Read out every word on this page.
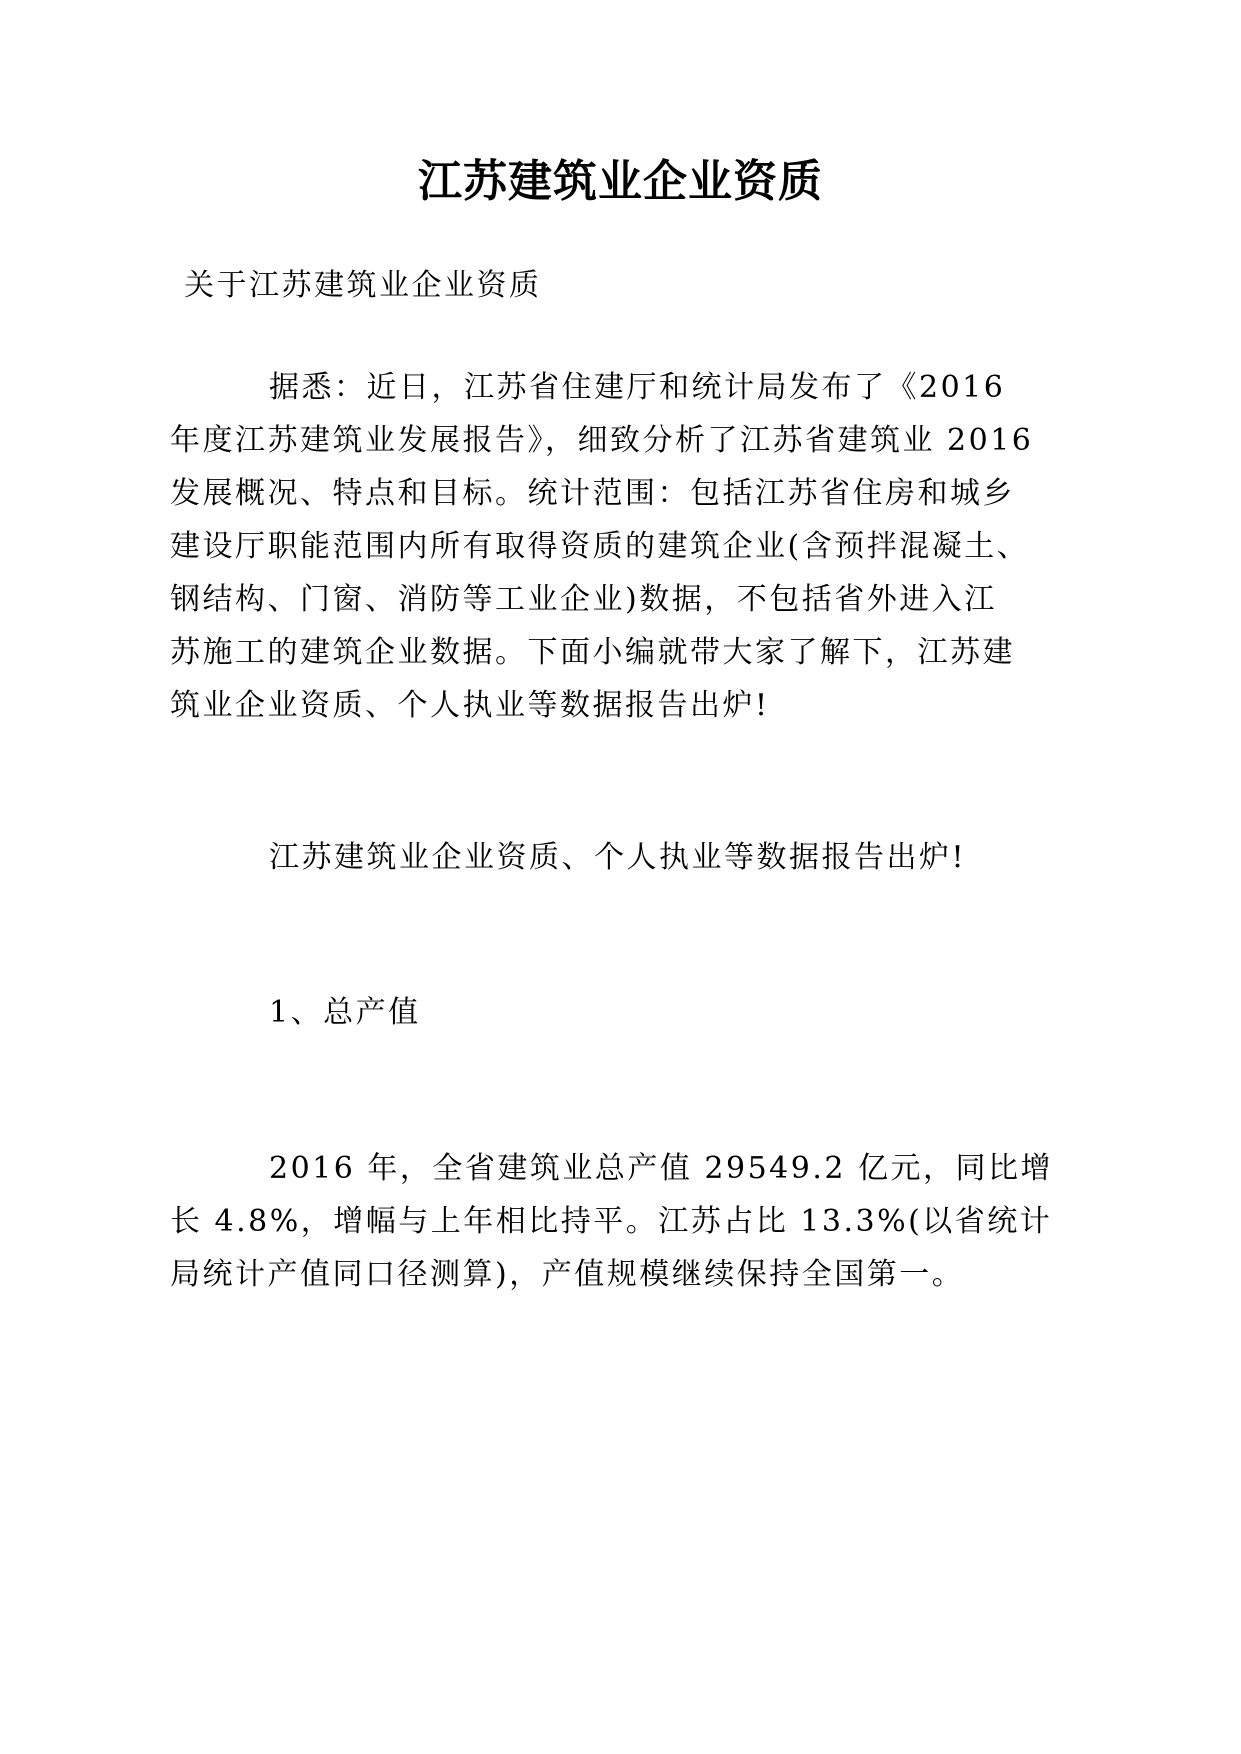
江苏建筑业企业资质
关于江苏建筑业企业资质
据悉：近日，江苏省住建厅和统计局发布了《2016
年度江苏建筑业发展报告》，细致分析了江苏省建筑业 2016
发展概况、特点和目标。统计范围：包括江苏省住房和城乡
建设厅职能范围内所有取得资质的建筑企业(含预拌混凝土、
钢结构、门窗、消防等工业企业)数据，不包括省外进入江
苏施工的建筑企业数据。下面小编就带大家了解下，江苏建
筑业企业资质、个人执业等数据报告出炉!
江苏建筑业企业资质、个人执业等数据报告出炉!
1、总产值
2016 年，全省建筑业总产值 29549.2 亿元，同比增
长 4.8%，增幅与上年相比持平。江苏占比 13.3%(以省统计
局统计产值同口径测算)，产值规模继续保持全国第一。
